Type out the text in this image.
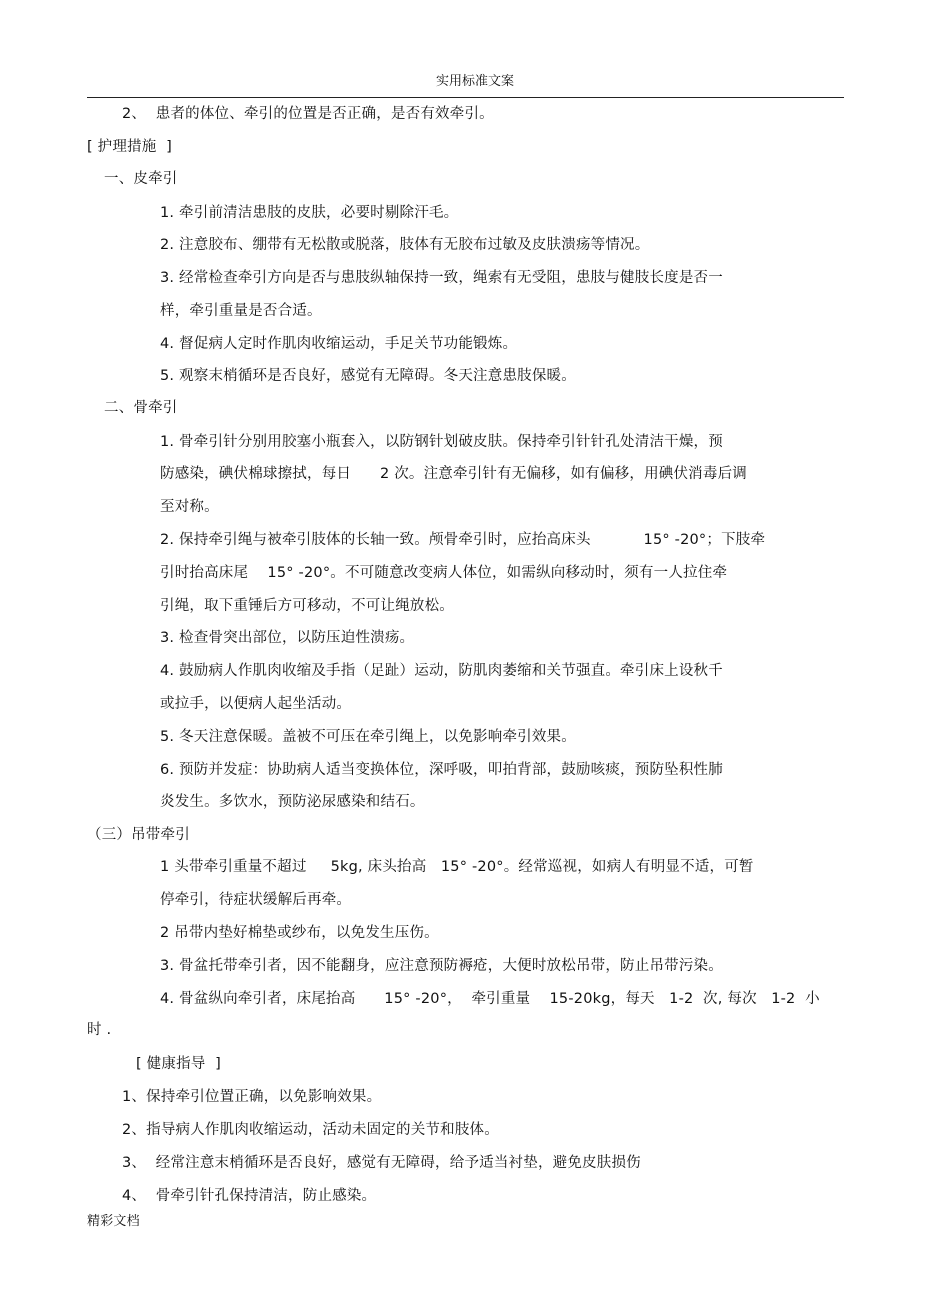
实用标准文案
2、  患者的体位、牵引的位置是否正确，是否有效牵引。
[ 护理措施  ]
一、皮牵引
1. 牵引前清洁患肢的皮肤，必要时剔除汗毛。
2. 注意胶布、绷带有无松散或脱落，肢体有无胶布过敏及皮肤溃疡等情况。
3. 经常检查牵引方向是否与患肢纵轴保持一致，绳索有无受阻，患肢与健肢长度是否一
样，牵引重量是否合适。
4. 督促病人定时作肌肉收缩运动，手足关节功能锻炼。
5. 观察末梢循环是否良好，感觉有无障碍。冬天注意患肢保暖。
二、骨牵引
1. 骨牵引针分别用胶塞小瓶套入，以防钢针划破皮肤。保持牵引针针孔处清洁干燥，预
防感染，碘伏棉球擦拭，每日      2 次。注意牵引针有无偏移，如有偏移，用碘伏消毒后调
至对称。
2. 保持牵引绳与被牵引肢体的长轴一致。颅骨牵引时，应抬高床头           15° -20°；下肢牵
引时抬高床尾    15° -20°。不可随意改变病人体位，如需纵向移动时，须有一人拉住牵
引绳，取下重锤后方可移动，不可让绳放松。
3. 检查骨突出部位，以防压迫性溃疡。
4. 鼓励病人作肌肉收缩及手指（足趾）运动，防肌肉萎缩和关节强直。牵引床上设秋千
或拉手，以便病人起坐活动。
5. 冬天注意保暖。盖被不可压在牵引绳上，以免影响牵引效果。
6. 预防并发症：协助病人适当变换体位，深呼吸，叩拍背部，鼓励咳痰，预防坠积性肺
炎发生。多饮水，预防泌尿感染和结石。
（三）吊带牵引
1 头带牵引重量不超过     5kg, 床头抬高   15° -20°。经常巡视，如病人有明显不适，可暂
停牵引，待症状缓解后再牵。
2 吊带内垫好棉垫或纱布，以免发生压伤。
3. 骨盆托带牵引者，因不能翻身，应注意预防褥疮，大便时放松吊带，防止吊带污染。
4. 骨盆纵向牵引者，床尾抬高      15° -20°，  牵引重量    15-20kg，每天   1-2  次, 每次   1-2  小
时 .
[ 健康指导  ]
1、保持牵引位置正确，以免影响效果。
2、指导病人作肌肉收缩运动，活动未固定的关节和肢体。
3、  经常注意末梢循环是否良好，感觉有无障碍，给予适当衬垫，避免皮肤损伤
4、  骨牵引针孔保持清洁，防止感染。
精彩文档
